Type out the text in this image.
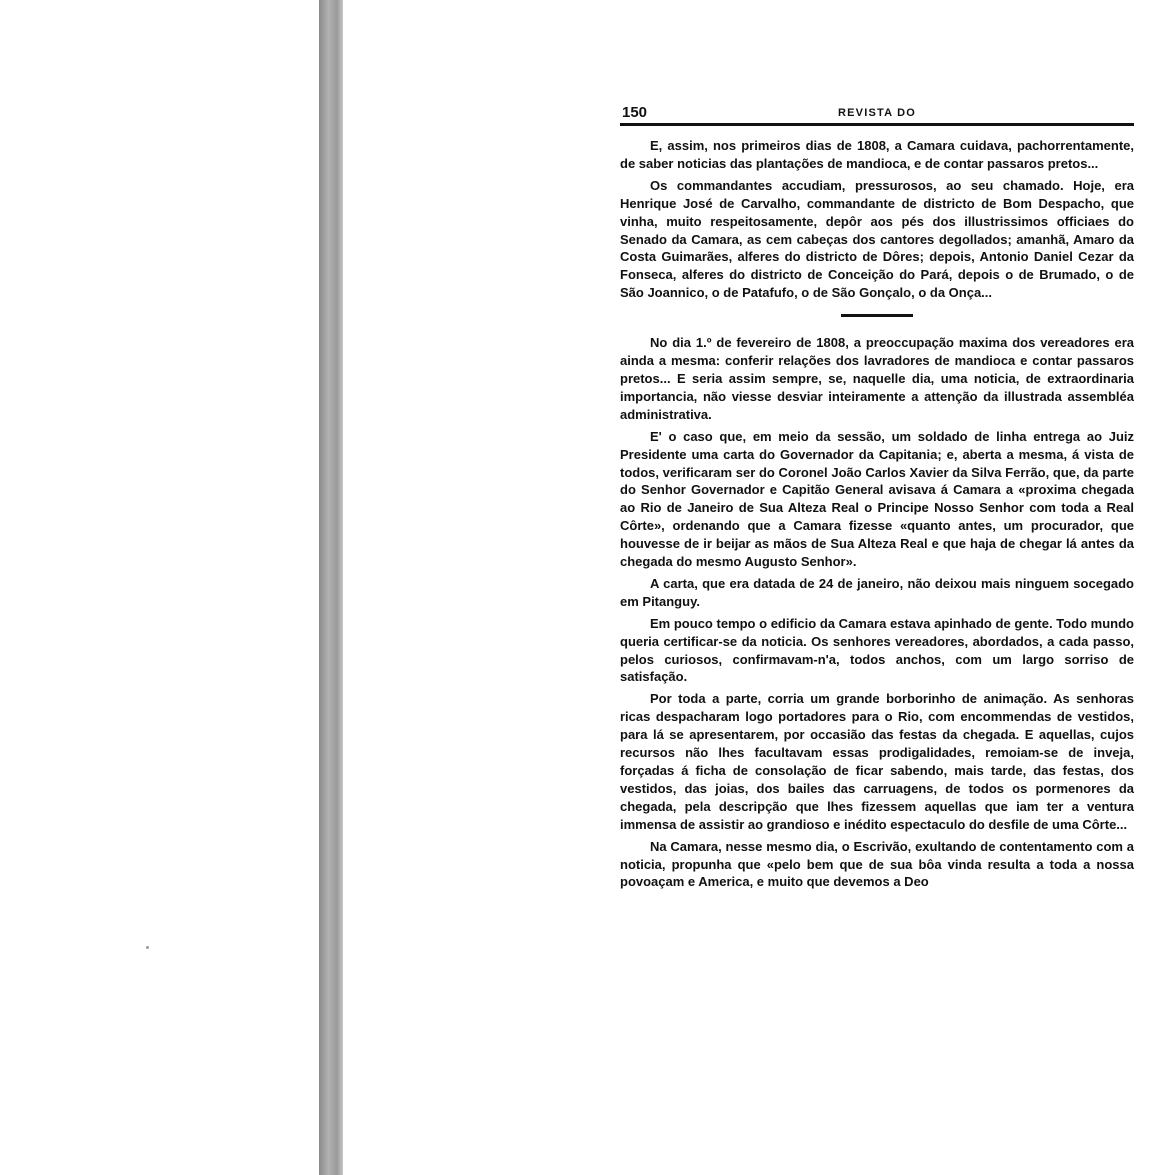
150	REVISTA DO

E, assim, nos primeiros dias de 1808, a Camara cuidava, pachorrentamente, de saber noticias das plantações de mandioca, e de contar passaros pretos...

Os commandantes accudiam, pressurosos, ao seu chamado. Hoje, era Henrique José de Carvalho, commandante de districto de Bom Despacho, que vinha, muito respeitosamente, depôr aos pés dos illustrissimos officiaes do Senado da Camara, as cem cabeças dos cantores degollados; amanhã, Amaro da Costa Guimarães, alferes do districto de Dôres; depois, Antonio Daniel Cezar da Fonseca, alferes do districto de Conceição do Pará, depois o de Brumado, o de São Joannico, o de Patafufo, o de São Gonçalo, o da Onça...

No dia 1.º de fevereiro de 1808, a preoccupação maxima dos vereadores era ainda a mesma: conferir relações dos lavradores de mandioca e contar passaros pretos... E seria assim sempre, se, naquelle dia, uma noticia, de extraordinaria importancia, não viesse desviar inteiramente a attenção da illustrada assembléa administrativa.

E' o caso que, em meio da sessão, um soldado de linha entrega ao Juiz Presidente uma carta do Governador da Capitania; e, aberta a mesma, á vista de todos, verificaram ser do Coronel João Carlos Xavier da Silva Ferrão, que, da parte do Senhor Governador e Capitão General avisava á Camara a «proxima chegada ao Rio de Janeiro de Sua Alteza Real o Principe Nosso Senhor com toda a Real Côrte», ordenando que a Camara fizesse «quanto antes, um procurador, que houvesse de ir beijar as mãos de Sua Alteza Real e que haja de chegar lá antes da chegada do mesmo Augusto Senhor».

A carta, que era datada de 24 de janeiro, não deixou mais ninguem socegado em Pitanguy.

Em pouco tempo o edificio da Camara estava apinhado de gente. Todo mundo queria certificar-se da noticia. Os senhores vereadores, abordados, a cada passo, pelos curiosos, confirmavam-n'a, todos anchos, com um largo sorriso de satisfação.

Por toda a parte, corria um grande borborinho de animação. As senhoras ricas despacharam logo portadores para o Rio, com encommendas de vestidos, para lá se apresentarem, por occasião das festas da chegada. E aquellas, cujos recursos não lhes facultavam essas prodigalidades, remoiam-se de inveja, forçadas á ficha de consolação de ficar sabendo, mais tarde, das festas, dos vestidos, das joias, dos bailes das carruagens, de todos os pormenores da chegada, pela descripção que lhes fizessem aquellas que iam ter a ventura immensa de assistir ao grandioso e inédito espectaculo do desfile de uma Côrte...

Na Camara, nesse mesmo dia, o Escrivão, exultando de contentamento com a noticia, propunha que «pelo bem que de sua bôa vinda resulta a toda a nossa povoaçam e America, e muito que devemos a Deo
